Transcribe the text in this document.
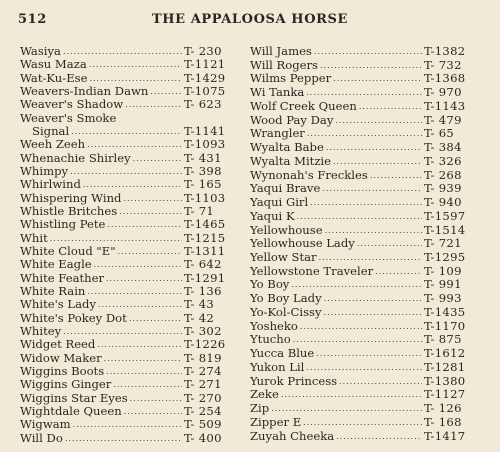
512	THE APPALOOSA HORSE
Wasiya .....	T- 230
Wasu Maza .....	T-1121
Wat-Ku-Ese .....	T-1429
Weavers-Indian Dawn .....	T-1075
Weaver's Shadow .....	T- 623
Weaver's Smoke
Signal .....	T-1141
Weeh Zeeh .....	T-1093
Whenachie Shirley .....	T- 431
Whimpy .....	T- 398
Whirlwind .....	T- 165
Whispering Wind .....	T-1103
Whistle Britches .....	T- 71
Whistling Pete .....	T-1465
Whit .....	T-1215
White Cloud "E" .....	T-1311
White Eagle .....	T- 642
White Feather .....	T-1291
White Rain .....	T- 136
White's Lady .....	T- 43
White's Pokey Dot .....	T- 42
Whitey .....	T- 302
Widget Reed .....	T-1226
Widow Maker .....	T- 819
Wiggins Boots .....	T- 274
Wiggins Ginger .....	T- 271
Wiggins Star Eyes .....	T- 270
Wightdale Queen .....	T- 254
Wigwam .....	T- 509
Will Do .....	T- 400
Will James .....	T-1382
Will Rogers .....	T- 732
Wilms Pepper .....	T-1368
Wi Tanka .....	T- 970
Wolf Creek Queen .....	T-1143
Wood Pay Day .....	T- 479
Wrangler .....	T- 65
Wyalta Babe .....	T- 384
Wyalta Mitzie .....	T- 326
Wynonah's Freckles .....	T- 268
Yaqui Brave .....	T- 939
Yaqui Girl .....	T- 940
Yaqui K .....	T-1597
Yellowhouse .....	T-1514
Yellowhouse Lady .....	T- 721
Yellow Star .....	T-1295
Yellowstone Traveler .....	T- 109
Yo Boy .....	T- 991
Yo Boy Lady .....	T- 993
Yo-Kol-Cissy .....	T-1435
Yosheko .....	T-1170
Ytucho .....	T- 875
Yucca Blue .....	T-1612
Yukon Lil .....	T-1281
Yurok Princess .....	T-1380
Zeke .....	T-1127
Zip .....	T- 126
Zipper E .....	T- 168
Zuyah Cheeka .....	T-1417
